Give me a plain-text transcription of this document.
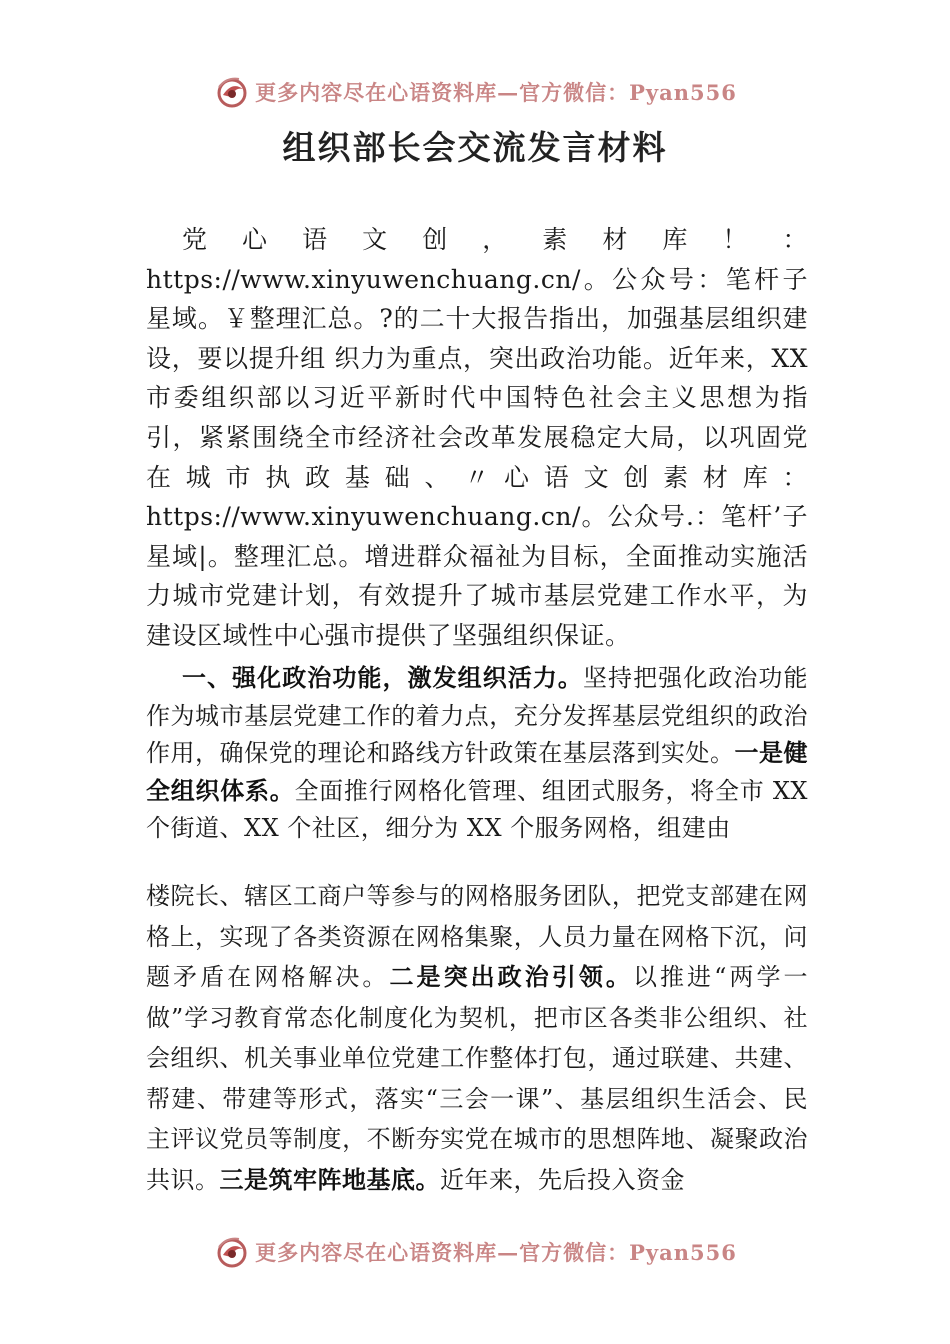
更多内容尽在心语资料库—官方微信：Pyan556
组织部长会交流发言材料

党心语文创，素材库！：https://www.xinyuwenchuang.cn/。公众号：笔杆子星域。￥整理汇总。?的二十大报告指出，加强基层组织建设，要以提升组 织力为重点，突出政治功能。近年来，XX 市委组织部以习近平新时代中国特色社会主义思想为指引，紧紧围绕全市经济社会改革发展稳定大局，以巩固党在城市执政基础、〃心语文创素材库：https://www.xinyuwenchuang.cn/。公众号.：笔杆’子星域|。整理汇总。增进群众福祉为目标，全面推动实施活力城市党建计划，有效提升了城市基层党建工作水平，为建设区域性中心强市提供了坚强组织保证。

一、强化政治功能，激发组织活力。坚持把强化政治功能作为城市基层党建工作的着力点，充分发挥基层党组织的政治作用，确保党的理论和路线方针政策在基层落到实处。一是健全组织体系。全面推行网格化管理、组团式服务，将全市 XX 个街道、XX 个社区，细分为 XX 个服务网格，组建由

楼院长、辖区工商户等参与的网格服务团队，把党支部建在网格上，实现了各类资源在网格集聚，人员力量在网格下沉，问题矛盾在网格解决。二是突出政治引领。以推进“两学一做”学习教育常态化制度化为契机，把市区各类非公组织、社会组织、机关事业单位党建工作整体打包，通过联建、共建、帮建、带建等形式，落实“三会一课”、基层组织生活会、民主评议党员等制度，不断夯实党在城市的思想阵地、凝聚政治共识。三是筑牢阵地基底。近年来，先后投入资金

更多内容尽在心语资料库—官方微信：Pyan556
